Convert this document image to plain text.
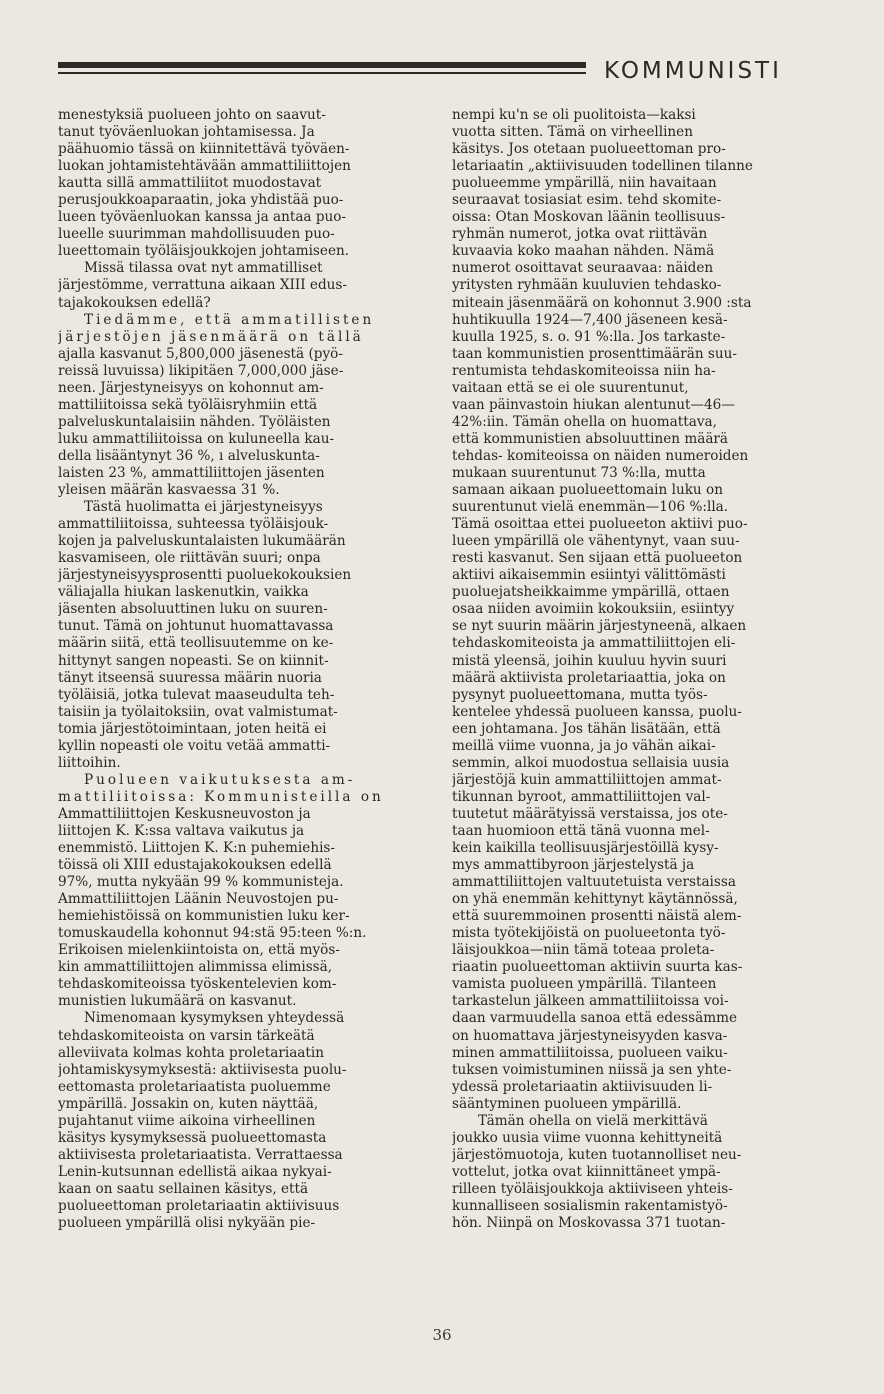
KOMMUNISTI
menestyksiä puolueen johto on saavut-
tanut työväenluokan johtamisessa. Ja
päähuomio tässä on kiinnitettävä työväen-
luokan johtamistehtävään ammattiliittojen
kautta sillä ammattiliitot muodostavat
perusjoukkoaparaatin, joka yhdistää puo-
lueen työväenluokan kanssa ja antaa puo-
lueelle suurimman mahdollisuuden puo-
lueettomain työläisjoukkojen johtamiseen.
Missä tilassa ovat nyt ammatilliset
järjestömme, verrattuna aikaan XIII edus-
tajakokouksen edellä?
Tiedämme, että ammatillisten
järjestöjen jäsenmäärä on tällä
ajalla kasvanut 5,800,000 jäsenestä (pyö-
reissä luvuissa) likipitäen 7,000,000 jäse-
neen. Järjestyneisyys on kohonnut am-
mattiliitoissa sekä työläisryhmiin että
palveluskuntalaisiin nähden. Työläisten
luku ammattiliitoissa on kuluneella kau-
della lisääntynyt 36 %, ı alveluskunta-
laisten 23 %, ammattiliittojen jäsenten
yleisen määrän kasvaessa 31 %.
Tästä huolimatta ei järjestyneisyys
ammattiliitoissa, suhteessa työläisjouk-
kojen ja palveluskuntalaisten lukumäärän
kasvamiseen, ole riittävän suuri; onpa
järjestyneisyysprosentti puoluekokouksien
väliajalla hiukan laskenutkin, vaikka
jäsenten absoluuttinen luku on suuren-
tunut. Tämä on johtunut huomattavassa
määrin siitä, että teollisuutemme on ke-
hittynyt sangen nopeasti. Se on kiinnit-
tänyt itseensä suuressa määrin nuoria
työläisiä, jotka tulevat maaseudulta teh-
taisiin ja työlaitoksiin, ovat valmistumat-
tomia järjestötoimintaan, joten heitä ei
kyllin nopeasti ole voitu vetää ammatti-
liittoihin.
Puolueen vaikutuksesta am-
mattiliitoissa: Kommunisteilla on
Ammattiliittojen Keskusneuvoston ja
liittojen K. K:ssa valtava vaikutus ja
enemmistö. Liittojen K. K:n puhemiehis-
töissä oli XIII edustajakokouksen edellä
97%, mutta nykyään 99 % kommunisteja.
Ammattiliittojen Läänin Neuvostojen pu-
hemiehistöissä on kommunistien luku ker-
tomuskaudella kohonnut 94:stä 95:teen %:n.
Erikoisen mielenkiintoista on, että myös-
kin ammattiliittojen alimmissa elimissä,
tehdaskomiteoissa työskentelevien kom-
munistien lukumäärä on kasvanut.
Nimenomaan kysymyksen yhteydessä
tehdaskomiteoista on varsin tärkeätä
alleviivata kolmas kohta proletariaatin
johtamiskysymyksestä: aktiivisesta puolu-
eettomasta proletariaatista puoluemme
ympärillä. Jossakin on, kuten näyttää,
pujahtanut viime aikoina virheellinen
käsitys kysymyksessä puolueettomasta
aktiivisesta proletariaatista. Verrattaessa
Lenin-kutsunnan edellistä aikaa nykyai-
kaan on saatu sellainen käsitys, että
puolueettoman proletariaatin aktiivisuus
puolueen ympärillä olisi nykyään pie-
nempi ku'n se oli puolitoista—kaksi
vuotta sitten. Tämä on virheellinen
käsitys. Jos otetaan puolueettoman pro-
letariaatin „aktiivisuuden todellinen tilanne
puolueemme ympärillä, niin havaitaan
seuraavat tosiasiat esim. tehd skomite-
oissa: Otan Moskovan läänin teollisuus-
ryhmän numerot, jotka ovat riittävän
kuvaavia koko maahan nähden. Nämä
numerot osoittavat seuraavaa: näiden
yritysten ryhmään kuuluvien tehdasko-
miteain jäsenmäärä on kohonnut 3.900 :sta
huhtikuulla 1924—7,400 jäseneen kesä-
kuulla 1925, s. o. 91 %:lla. Jos tarkaste-
taan kommunistien prosenttimäärän suu-
rentumista tehdaskomiteoissa niin ha-
vaitaan että se ei ole suurentunut,
vaan päinvastoin hiukan alentunut—46—
42%:iin. Tämän ohella on huomattava,
että kommunistien absoluuttinen määrä
tehdas- komiteoissa on näiden numeroiden
mukaan suurentunut 73 %:lla, mutta
samaan aikaan puolueettomain luku on
suurentunut vielä enemmän—106 %:lla.
Tämä osoittaa ettei puolueeton aktiivi puo-
lueen ympärillä ole vähentynyt, vaan suu-
resti kasvanut. Sen sijaan että puolueeton
aktiivi aikaisemmin esiintyi välittömästi
puoluejatsheikkaimme ympärillä, ottaen
osaa niiden avoimiin kokouksiin, esiintyy
se nyt suurin määrin järjestyneenä, alkaen
tehdaskomiteoista ja ammattiliittojen eli-
mistä yleensä, joihin kuuluu hyvin suuri
määrä aktiivista proletariaattia, joka on
pysynyt puolueettomana, mutta työs-
kentelee yhdessä puolueen kanssa, puolu-
een johtamana. Jos tähän lisätään, että
meillä viime vuonna, ja jo vähän aikai-
semmin, alkoi muodostua sellaisia uusia
järjestöjä kuin ammattiliittojen ammat-
tikunnan byroot, ammattiliittojen val-
tuutetut määrätyissä verstaissa, jos ote-
taan huomioon että tänä vuonna mel-
kein kaikilla teollisuusjärjestöillä kysy-
mys ammattibyroon järjestelystä ja
ammattiliittojen valtuutetuista verstaissa
on yhä enemmän kehittynyt käytännössä,
että suuremmoinen prosentti näistä alem-
mista työtekijöistä on puolueetonta työ-
läisjoukkoa—niin tämä toteaa proleta-
riaatin puolueettoman aktiivin suurta kas-
vamista puolueen ympärillä. Tilanteen
tarkastelun jälkeen ammattiliitoissa voi-
daan varmuudella sanoa että edessämme
on huomattava järjestyneisyyden kasva-
minen ammattiliitoissa, puolueen vaiku-
tuksen voimistuminen niissä ja sen yhte-
ydessä proletariaatin aktiivisuuden li-
sääntyminen puolueen ympärillä.
Tämän ohella on vielä merkittävä
joukko uusia viime vuonna kehittyneitä
järjestömuotoja, kuten tuotannolliset neu-
vottelut, jotka ovat kiinnittäneet ympä-
rilleen työläisjoukkoja aktiiviseen yhteis-
kunnalliseen sosialismin rakentamistyö-
hön. Niinpä on Moskovassa 371 tuotan-
36
